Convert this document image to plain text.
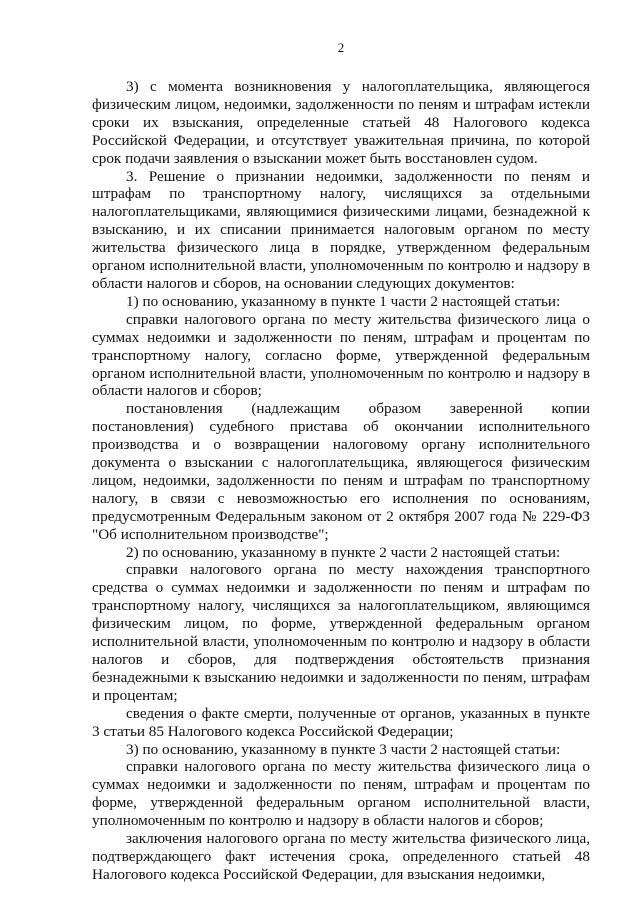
2

3) с момента возникновения у налогоплательщика, являющегося физическим лицом, недоимки, задолженности по пеням и штрафам истекли сроки их взыскания, определенные статьей 48 Налогового кодекса Российской Федерации, и отсутствует уважительная причина, по которой срок подачи заявления о взыскании может быть восстановлен судом.

3. Решение о признании недоимки, задолженности по пеням и штрафам по транспортному налогу, числящихся за отдельными налогоплательщиками, являющимися физическими лицами, безнадежной к взысканию, и их списании принимается налоговым органом по месту жительства физического лица в порядке, утвержденном федеральным органом исполнительной власти, уполномоченным по контролю и надзору в области налогов и сборов, на основании следующих документов:

1) по основанию, указанному в пункте 1 части 2 настоящей статьи:

справки налогового органа по месту жительства физического лица о суммах недоимки и задолженности по пеням, штрафам и процентам по транспортному налогу, согласно форме, утвержденной федеральным органом исполнительной власти, уполномоченным по контролю и надзору в области налогов и сборов;

постановления (надлежащим образом заверенной копии постановления) судебного пристава об окончании исполнительного производства и о возвращении налоговому органу исполнительного документа о взыскании с налогоплательщика, являющегося физическим лицом, недоимки, задолженности по пеням и штрафам по транспортному налогу, в связи с невозможностью его исполнения по основаниям, предусмотренным Федеральным законом от 2 октября 2007 года № 229-ФЗ "Об исполнительном производстве";

2) по основанию, указанному в пункте 2 части 2 настоящей статьи:

справки налогового органа по месту нахождения транспортного средства о суммах недоимки и задолженности по пеням и штрафам по транспортному налогу, числящихся за налогоплательщиком, являющимся физическим лицом, по форме, утвержденной федеральным органом исполнительной власти, уполномоченным по контролю и надзору в области налогов и сборов, для подтверждения обстоятельств признания безнадежными к взысканию недоимки и задолженности по пеням, штрафам и процентам;

сведения о факте смерти, полученные от органов, указанных в пункте 3 статьи 85 Налогового кодекса Российской Федерации;

3) по основанию, указанному в пункте 3 части 2 настоящей статьи:

справки налогового органа по месту жительства физического лица о суммах недоимки и задолженности по пеням, штрафам и процентам по форме, утвержденной федеральным органом исполнительной власти, уполномоченным по контролю и надзору в области налогов и сборов;

заключения налогового органа по месту жительства физического лица, подтверждающего факт истечения срока, определенного статьей 48 Налогового кодекса Российской Федерации, для взыскания недоимки,
